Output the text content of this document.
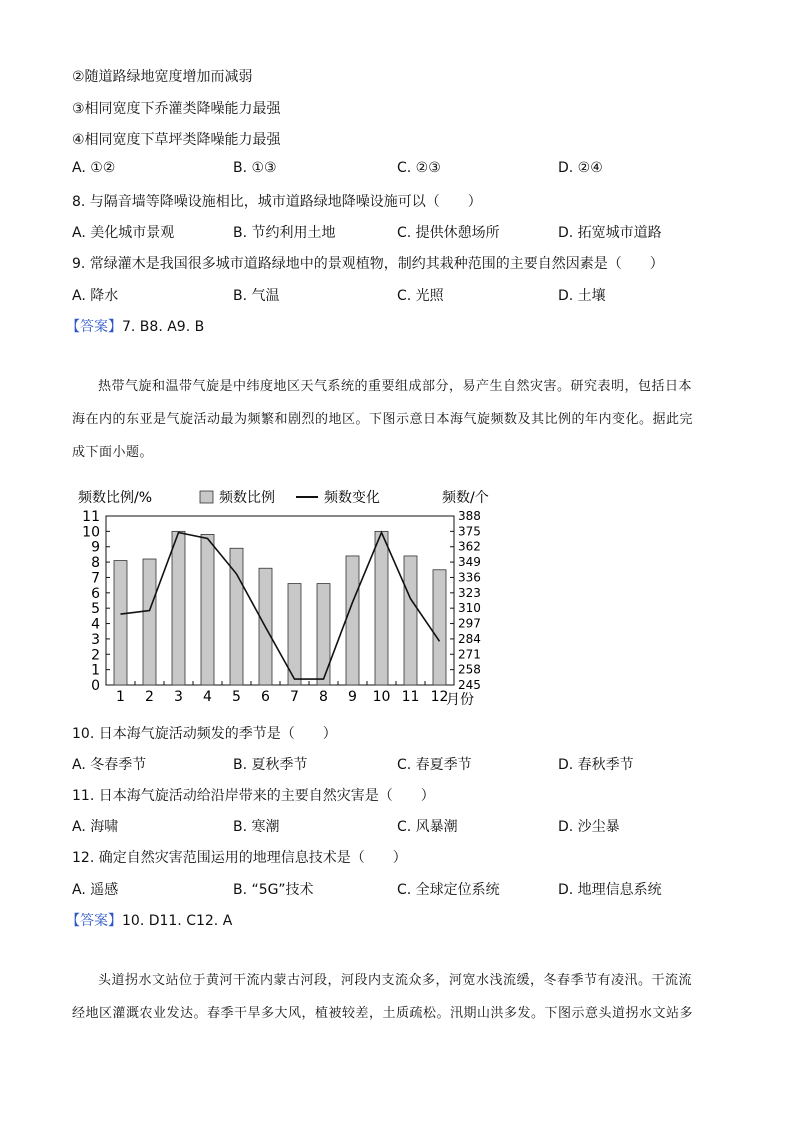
②随道路绿地宽度增加而减弱
③相同宽度下乔灌类降噪能力最强
④相同宽度下草坪类降噪能力最强
A. ①②	B. ①③	C. ②③	D. ②④
8. 与隔音墙等降噪设施相比，城市道路绿地降噪设施可以（　　）
A. 美化城市景观	B. 节约利用土地	C. 提供休憩场所	D. 拓宽城市道路
9. 常绿灌木是我国很多城市道路绿地中的景观植物，制约其栽种范围的主要自然因素是（　　）
A. 降水	B. 气温	C. 光照	D. 土壤
【答案】7. B8. A9. B
热带气旋和温带气旋是中纬度地区天气系统的重要组成部分，易产生自然灾害。研究表明，包括日本
海在内的东亚是气旋活动最为频繁和剧烈的地区。下图示意日本海气旋频数及其比例的年内变化。据此完
成下面小题。
频数比例/%	频数/个
频数比例	频数变化
月份
0
1
2
3
4
5
6
7
8
9
10
11
245
258
271
284
297
310
323
336
349
362
375
388
1 2 3 4 5 6 7 8 9 10 11 12
10. 日本海气旋活动频发的季节是（　　）
A. 冬春季节	B. 夏秋季节	C. 春夏季节	D. 春秋季节
11. 日本海气旋活动给沿岸带来的主要自然灾害是（　　）
A. 海啸	B. 寒潮	C. 风暴潮	D. 沙尘暴
12. 确定自然灾害范围运用的地理信息技术是（　　）
A. 遥感	B. “5G”技术	C. 全球定位系统	D. 地理信息系统
【答案】10. D11. C12. A
头道拐水文站位于黄河干流内蒙古河段，河段内支流众多，河宽水浅流缓，冬春季节有凌汛。干流流
经地区灌溉农业发达。春季干旱多大风，植被较差，土质疏松。汛期山洪多发。下图示意头道拐水文站多
